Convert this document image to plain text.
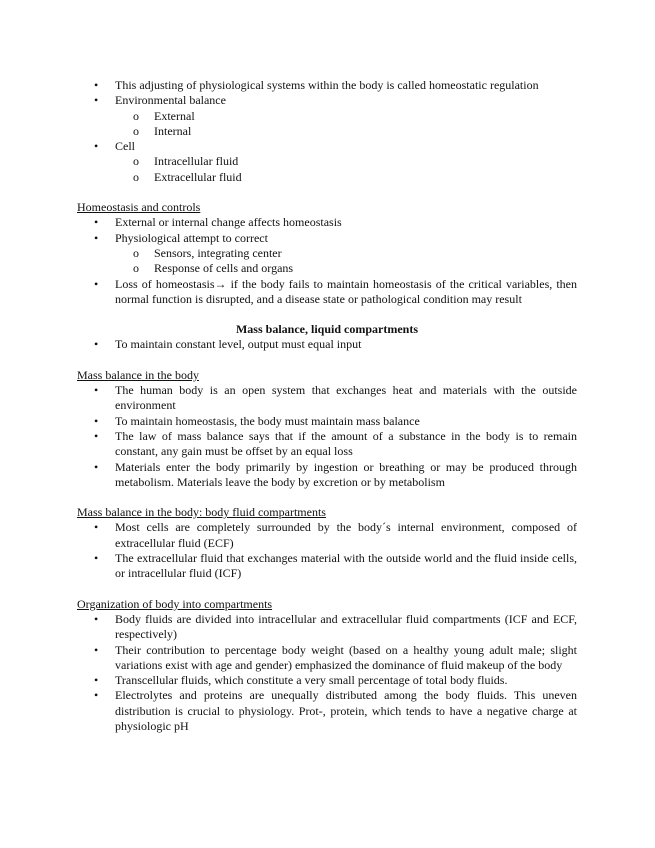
• This adjusting of physiological systems within the body is called homeostatic regulation
• Environmental balance
o External
o Internal
• Cell
o Intracellular fluid
o Extracellular fluid
Homeostasis and controls
• External or internal change affects homeostasis
• Physiological attempt to correct
o Sensors, integrating center
o Response of cells and organs
• Loss of homeostasis→ if the body fails to maintain homeostasis of the critical variables, then normal function is disrupted, and a disease state or pathological condition may result
Mass balance, liquid compartments
• To maintain constant level, output must equal input
Mass balance in the body
• The human body is an open system that exchanges heat and materials with the outside environment
• To maintain homeostasis, the body must maintain mass balance
• The law of mass balance says that if the amount of a substance in the body is to remain constant, any gain must be offset by an equal loss
• Materials enter the body primarily by ingestion or breathing or may be produced through metabolism. Materials leave the body by excretion or by metabolism
Mass balance in the body: body fluid compartments
• Most cells are completely surrounded by the body´s internal environment, composed of extracellular fluid (ECF)
• The extracellular fluid that exchanges material with the outside world and the fluid inside cells, or intracellular fluid (ICF)
Organization of body into compartments
• Body fluids are divided into intracellular and extracellular fluid compartments (ICF and ECF, respectively)
• Their contribution to percentage body weight (based on a healthy young adult male; slight variations exist with age and gender) emphasized the dominance of fluid makeup of the body
• Transcellular fluids, which constitute a very small percentage of total body fluids.
• Electrolytes and proteins are unequally distributed among the body fluids. This uneven distribution is crucial to physiology. Prot-, protein, which tends to have a negative charge at physiologic pH
